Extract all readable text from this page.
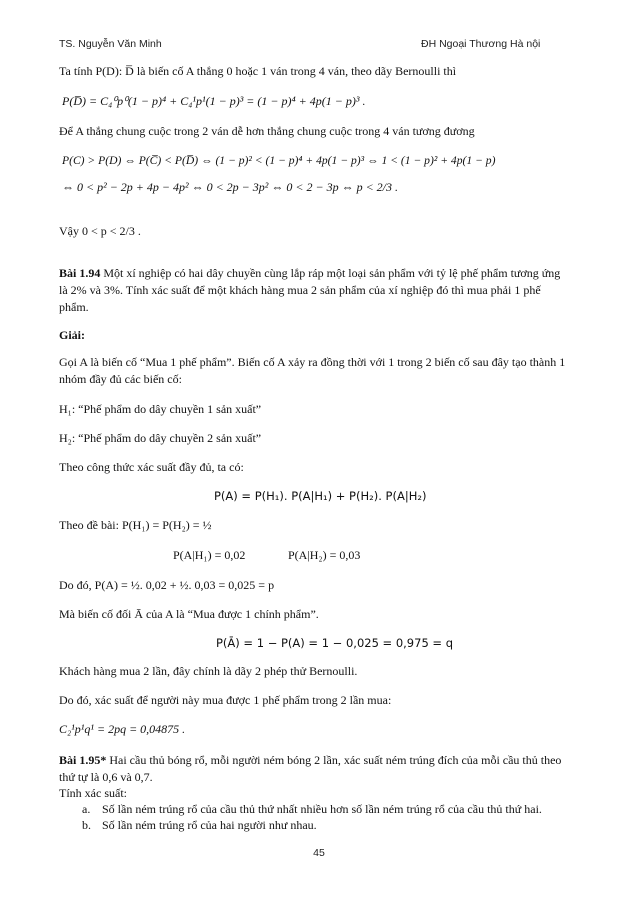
TS. Nguyễn Văn Minh	ĐH Ngoại Thương Hà nội
Ta tính P(D): D̅ là biến cố A thắng 0 hoặc 1 ván trong 4 ván, theo dãy Bernoulli thì
P(D̅) = C₄⁰p⁰(1 − p)⁴ + C₄¹p¹(1 − p)³ = (1 − p)⁴ + 4p(1 − p)³ .
Để A thắng chung cuộc trong 2 ván dễ hơn thắng chung cuộc trong 4 ván tương đương
P(C) > P(D) ⇔ P(C̅) < P(D̅) ⇔ (1 − p)² < (1 − p)⁴ + 4p(1 − p)³ ⇔ 1 < (1 − p)² + 4p(1 − p)
⇔ 0 < p² − 2p + 4p − 4p² ⇔ 0 < 2p − 3p² ⇔ 0 < 2 − 3p ⇔ p < 2/3 .
Vậy 0 < p < 2/3 .
Bài 1.94 Một xí nghiệp có hai dây chuyền cùng lắp ráp một loại sản phẩm với tỷ lệ phế phẩm tương ứng
là 2% và 3%. Tính xác suất để một khách hàng mua 2 sản phẩm của xí nghiệp đó thì mua phải 1 phế
phẩm.
Giải:
Gọi A là biến cố “Mua 1 phế phẩm”. Biến cố A xảy ra đồng thời với 1 trong 2 biến cố sau đây tạo thành 1
nhóm đầy đủ các biến cố:
H₁: “Phế phẩm do dây chuyền 1 sản xuất”
H₂: “Phế phẩm do dây chuyền 2 sản xuất”
Theo công thức xác suất đầy đủ, ta có:
P(A) = P(H₁). P(A|H₁) + P(H₂). P(A|H₂)
Theo đề bài: P(H₁) = P(H₂) = ½
P(A|H₁) = 0,02	P(A|H₂) = 0,03
Do đó, P(A) = ½. 0,02 + ½. 0,03 = 0,025 = p
Mà biến cố đối Ā của A là “Mua được 1 chính phẩm”.
P(Ā) = 1 − P(A) = 1 − 0,025 = 0,975 = q
Khách hàng mua 2 lần, đây chính là dãy 2 phép thử Bernoulli.
Do đó, xác suất để người này mua được 1 phế phẩm trong 2 lần mua:
C₂¹p¹q¹ = 2pq = 0,04875 .
Bài 1.95* Hai cầu thủ bóng rổ, mỗi người ném bóng 2 lần, xác suất ném trúng đích của mỗi cầu thủ theo
thứ tự là 0,6 và 0,7.
Tính xác suất:
a. Số lần ném trúng rổ của cầu thủ thứ nhất nhiều hơn số lần ném trúng rổ của cầu thủ thứ hai.
b. Số lần ném trúng rổ của hai người như nhau.
45
